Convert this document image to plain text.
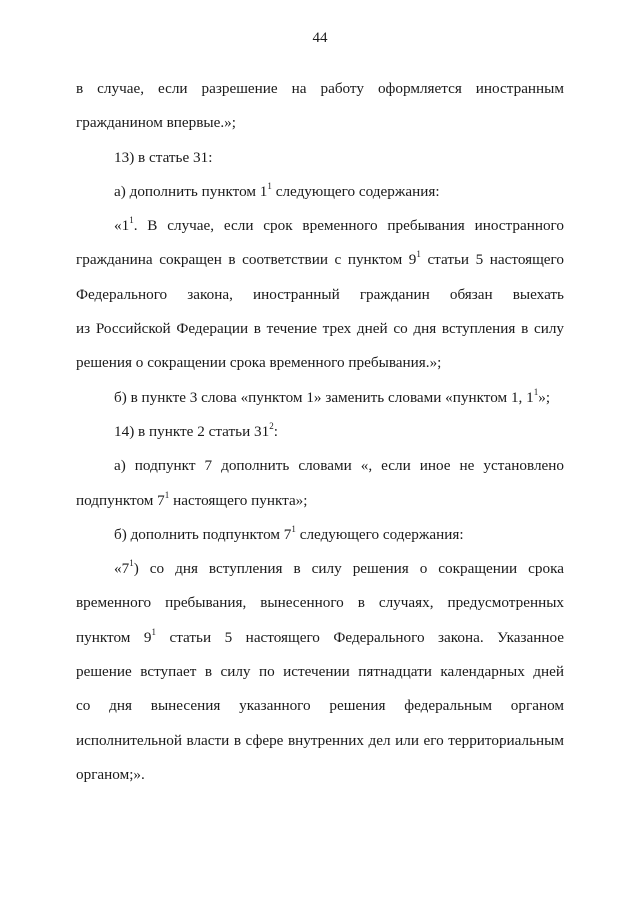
44
в случае, если разрешение на работу оформляется иностранным
гражданином впервые.»;
13) в статье 31:
а) дополнить пунктом $1^1$ следующего содержания:
«$1^1$. В случае, если срок временного пребывания иностранного
гражданина сокращен в соответствии с пунктом $9^1$ статьи 5 настоящего
Федерального закона, иностранный гражданин обязан выехать
из Российской Федерации в течение трех дней со дня вступления в силу
решения о сокращении срока временного пребывания.»;
б) в пункте 3 слова «пунктом 1» заменить словами «пунктом 1, $1^1$»;
14) в пункте 2 статьи $31^2$:
а) подпункт 7 дополнить словами «, если иное не установлено
подпунктом $7^1$ настоящего пункта»;
б) дополнить подпунктом $7^1$ следующего содержания:
«$7^1$) со дня вступления в силу решения о сокращении срока
временного пребывания, вынесенного в случаях, предусмотренных
пунктом $9^1$ статьи 5 настоящего Федерального закона. Указанное
решение вступает в силу по истечении пятнадцати календарных дней
со дня вынесения указанного решения федеральным органом
исполнительной власти в сфере внутренних дел или его территориальным
органом;».
